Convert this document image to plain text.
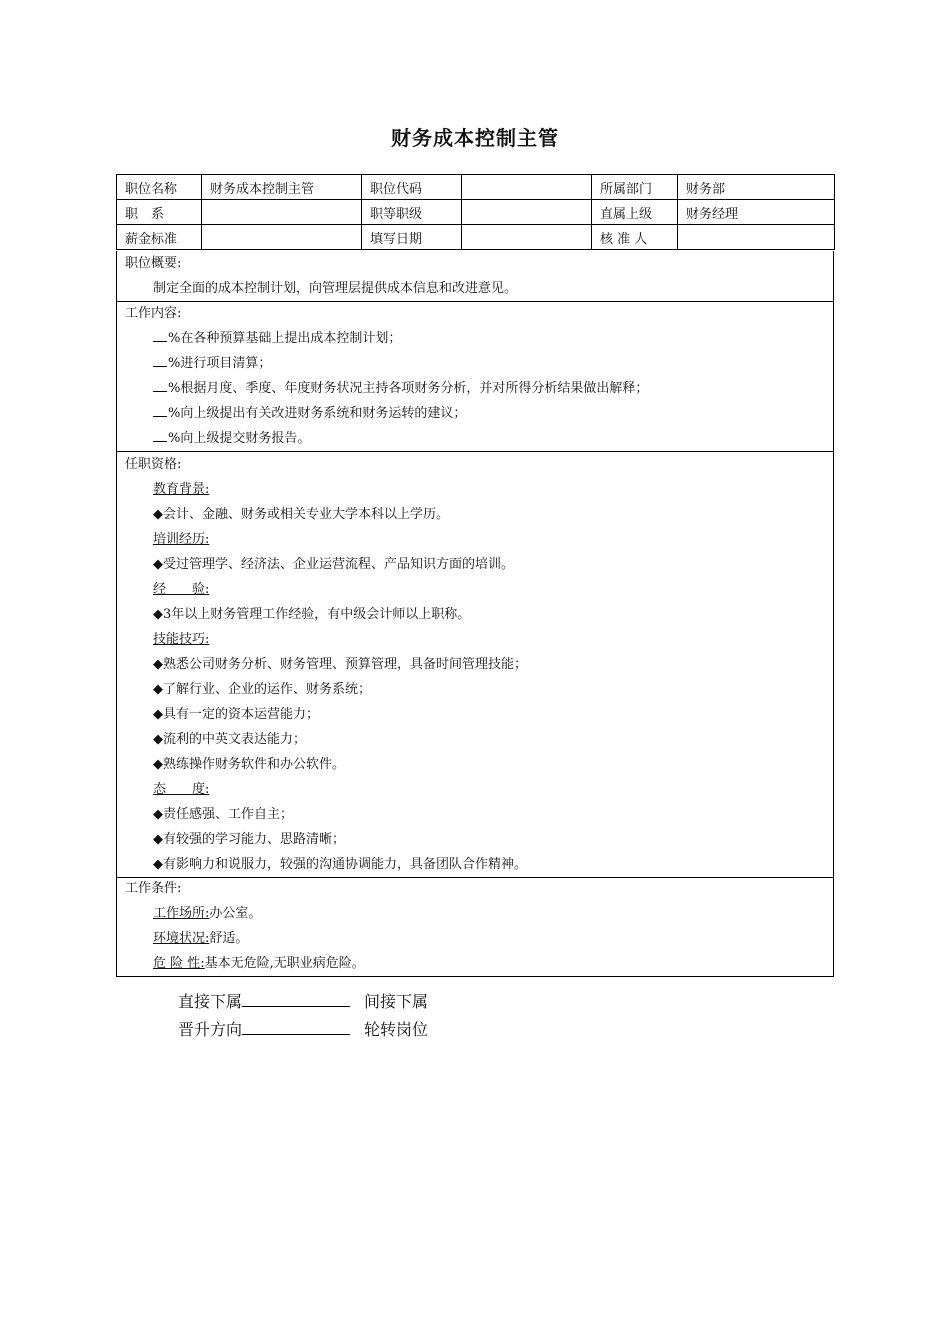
财务成本控制主管
职位名称	财务成本控制主管	职位代码		所属部门	财务部
职　系		职等职级		直属上级	财务经理
薪金标准		填写日期		核 准 人	
职位概要:
制定全面的成本控制计划，向管理层提供成本信息和改进意见。
工作内容:
%在各种预算基础上提出成本控制计划；
%进行项目清算；
%根据月度、季度、年度财务状况主持各项财务分析，并对所得分析结果做出解释；
%向上级提出有关改进财务系统和财务运转的建议；
%向上级提交财务报告。
任职资格:
教育背景:
◆会计、金融、财务或相关专业大学本科以上学历。
培训经历:
◆受过管理学、经济法、企业运营流程、产品知识方面的培训。
经　　验:
◆3年以上财务管理工作经验，有中级会计师以上职称。
技能技巧:
◆熟悉公司财务分析、财务管理、预算管理，具备时间管理技能；
◆了解行业、企业的运作、财务系统；
◆具有一定的资本运营能力；
◆流利的中英文表达能力；
◆熟练操作财务软件和办公软件。
态　　度:
◆责任感强、工作自主；
◆有较强的学习能力、思路清晰；
◆有影响力和说服力，较强的沟通协调能力，具备团队合作精神。
工作条件:
工作场所:办公室。
环境状况:舒适。
危 险 性:基本无危险,无职业病危险。
直接下属	间接下属
晋升方向	轮转岗位
